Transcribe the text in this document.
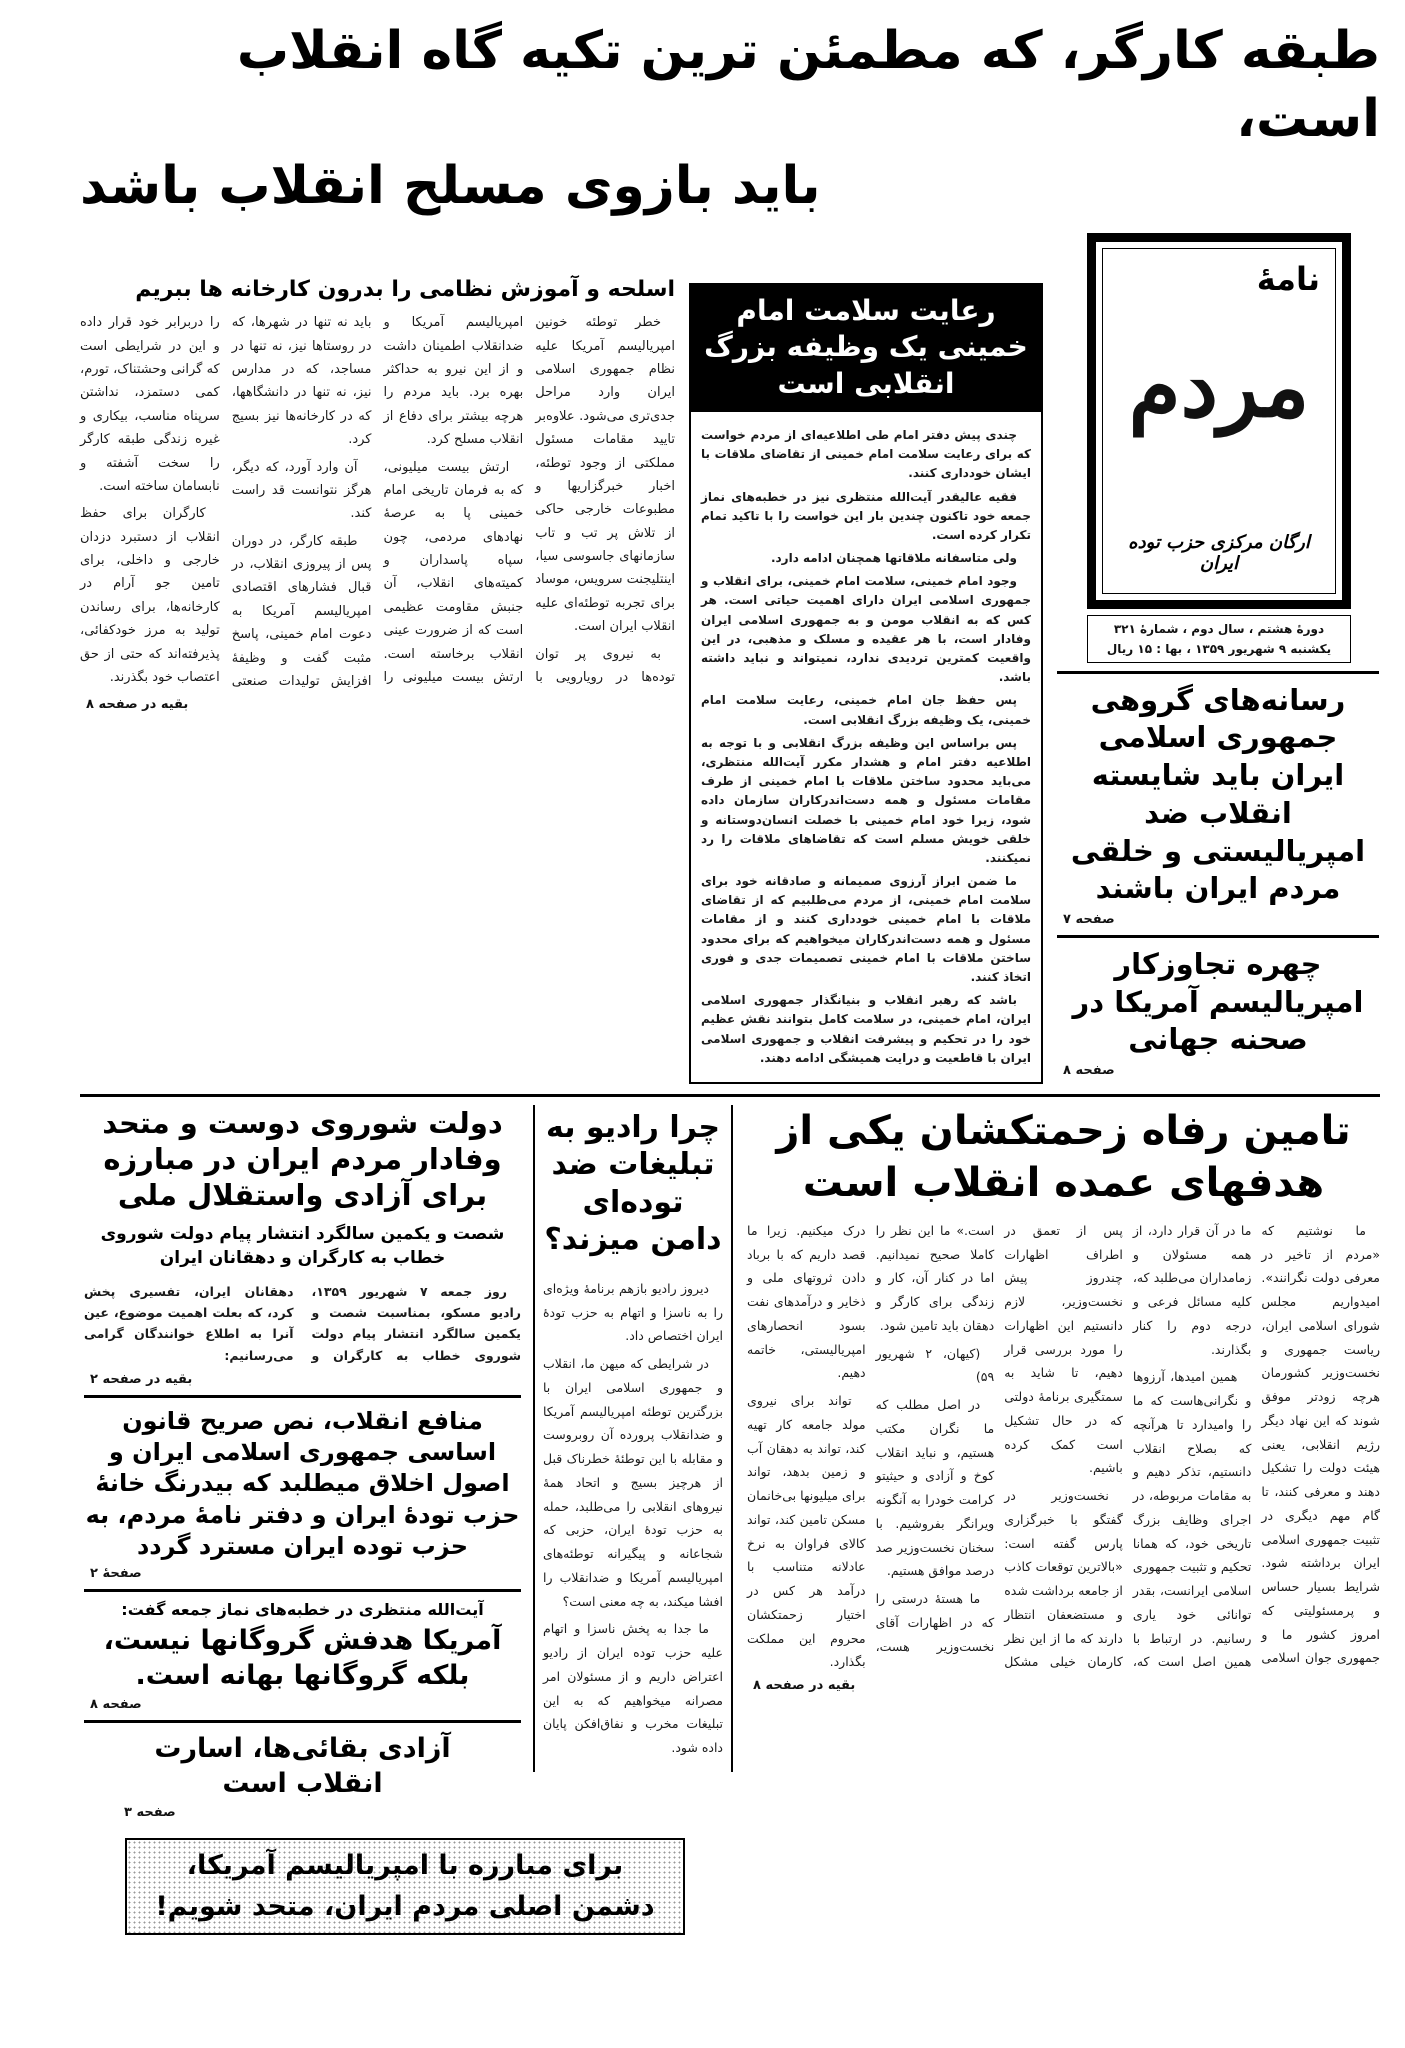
طبقه کارگر، که مطمئن ترین تکیه گاه انقلاب است،
باید بازوی مسلح انقلاب باشد
اسلحه و آموزش نظامی را بدرون کارخانه ها ببریم

خطر توطئه خونین امپریالیسم آمریکا علیه نظام جمهوری اسلامی ایران وارد مراحل جدی‌تری می‌شود. علاوه‌بر تایید مقامات مسئول مملکتی از وجود توطئه، اخبار خبرگزاریها و مطبوعات خارجی حاکی از تلاش پر تب و تاب سازمانهای جاسوسی سیا، اینتلیجنت سرویس، موساد برای تجربه توطئه‌ای علیه انقلاب ایران است.

به نیروی پر توان توده‌ها در رویارویی با امپریالیسم آمریکا و ضدانقلاب اطمینان داشت و از این نیرو به حداکثر بهره برد. باید مردم را هرچه بیشتر برای دفاع از انقلاب مسلح کرد.

ارتش بیست میلیونی، که به فرمان تاریخی امام خمینی پا به عرصهٔ نهادهای مردمی، چون سپاه پاسداران و کمیته‌های انقلاب، آن جنبش مقاومت عظیمی است که از ضرورت عینی انقلاب برخاسته است. ارتش بیست میلیونی را باید نه تنها در شهرها، که در روستاها نیز، نه تنها در مساجد، که در مدارس نیز، نه تنها در دانشگاهها، که در کارخانه‌ها نیز بسیج کرد.

آن وارد آورد، که دیگر، هرگز نتوانست قد راست کند.

طبقه کارگر، در دوران پس از پیروزی انقلاب، در قبال فشارهای اقتصادی امپریالیسم آمریکا به دعوت امام خمینی، پاسخ مثبت گفت و وظیفهٔ افزایش تولیدات صنعتی را دربرابر خود قرار داده و این در شرایطی است که گرانی وحشتناک، تورم، کمی دستمزد، نداشتن سرپناه مناسب، بیکاری و غیره زندگی طبقه کارگر را سخت آشفته و نابسامان ساخته است.

کارگران برای حفظ انقلاب از دستبرد دزدان خارجی و داخلی، برای تامین جو آرام در کارخانه‌ها، برای رساندن تولید به مرز خودکفائی، پذیرفته‌اند که حتی از حق اعتصاب خود بگذرند.

بقیه در صفحه ۸
رعایت سلامت امام خمینی یک وظیفه بزرگ انقلابی است

چندی پیش دفتر امام طی اطلاعیه‌ای از مردم خواست که برای رعایت سلامت امام خمینی از تقاضای ملاقات با ایشان خودداری کنند.

فقیه عالیقدر آیت‌الله منتظری نیز در خطبه‌های نماز جمعه خود تاکنون چندین بار این خواست را با تاکید تمام تکرار کرده است.

ولی متاسفانه ملاقاتها همچنان ادامه دارد.

وجود امام خمینی، سلامت امام خمینی، برای انقلاب و جمهوری اسلامی ایران دارای اهمیت حیاتی است. هر کس که به انقلاب مومن و به جمهوری اسلامی ایران وفادار است، با هر عقیده و مسلک و مذهبی، در این واقعیت کمترین تردیدی ندارد، نمیتواند و نباید داشته باشد.

پس حفظ جان امام خمینی، رعایت سلامت امام خمینی، یک وظیفه بزرگ انقلابی است.

پس براساس این وظیفه بزرگ انقلابی و با توجه به اطلاعیه دفتر امام و هشدار مکرر آیت‌الله منتظری، می‌باید محدود ساختن ملاقات با امام خمینی از طرف مقامات مسئول و همه دست‌اندرکاران سازمان داده شود، زیرا خود امام خمینی با خصلت انسان‌دوستانه و خلقی خویش مسلم است که تقاضاهای ملاقات را رد نمیکنند.

ما ضمن ابراز آرزوی صمیمانه و صادقانه خود برای سلامت امام خمینی، از مردم می‌طلبیم که از تقاضای ملاقات با امام خمینی خودداری کنند و از مقامات مسئول و همه دست‌اندرکاران میخواهیم که برای محدود ساختن ملاقات با امام خمینی تصمیمات جدی و فوری اتخاذ کنند.

باشد که رهبر انقلاب و بنیانگذار جمهوری اسلامی ایران، امام خمینی، در سلامت کامل بتوانند نقش عظیم خود را در تحکیم و پیشرفت انقلاب و جمهوری اسلامی ایران با قاطعیت و درایت همیشگی ادامه دهند.

نامهٔ
مردم
ارگان مرکزی حزب توده ایران
دورهٔ هشتم ، سال دوم ، شمارهٔ ۳۲۱
یکشنبه ۹ شهریور ۱۳۵۹ ، بها : ۱۵ ریال
رسانه‌های گروهی جمهوری اسلامی ایران باید شایسته انقلاب ضد امپریالیستی و خلقی مردم ایران باشند
صفحه ۷
چهره تجاوزکار امپریالیسم آمریکا در صحنه جهانی
صفحه ۸
دولت شوروی دوست و متحد وفادار مردم ایران در مبارزه برای آزادی واستقلال ملی
شصت و یکمین سالگرد انتشار پیام دولت شوروی خطاب به کارگران و دهقانان ایران

روز جمعه ۷ شهریور ۱۳۵۹، رادیو مسکو، بمناسبت شصت و یکمین سالگرد انتشار پیام دولت شوروی خطاب به کارگران و دهقانان ایران، تفسیری پخش کرد، که بعلت اهمیت موضوع، عین آنرا به اطلاع خوانندگان گرامی می‌رسانیم:

بقیه در صفحه ۲
منافع انقلاب، نص صریح قانون اساسی جمهوری اسلامی ایران و اصول اخلاق میطلبد که بیدرنگ خانهٔ حزب تودهٔ ایران و دفتر نامهٔ مردم، به حزب توده ایران مسترد گردد
صفحهٔ ۲
آیت‌الله منتظری در خطبه‌های نماز جمعه گفت:
آمریکا هدفش گروگانها نیست، بلکه گروگانها بهانه است.
صفحه ۸
آزادی بقائی‌ها، اسارت انقلاب است
صفحه ۳
چرا رادیو به تبلیغات ضد توده‌ای دامن میزند؟

دیروز رادیو بازهم برنامهٔ ویژه‌ای را به ناسزا و اتهام به حزب تودهٔ ایران اختصاص داد.

در شرایطی که میهن ما، انقلاب و جمهوری اسلامی ایران با بزرگترین توطئه امپریالیسم آمریکا و ضدانقلاب پرورده آن روبروست و مقابله با این توطئهٔ خطرناک قبل از هرچیز بسیج و اتحاد همهٔ نیروهای انقلابی را می‌طلبد، حمله به حزب تودهٔ ایران، حزبی که شجاعانه و پیگیرانه توطئه‌های امپریالیسم آمریکا و ضدانقلاب را افشا میکند، به چه معنی است؟

ما جدا به پخش ناسزا و اتهام علیه حزب توده ایران از رادیو اعتراض داریم و از مسئولان امر مصرانه میخواهیم که به این تبلیغات مخرب و نفاق‌افکن پایان داده شود.

تامین رفاه زحمتکشان یکی از هدفهای عمده انقلاب است

ما نوشتیم که «مردم از تاخیر در معرفی دولت نگرانند». امیدواریم مجلس شورای اسلامی ایران، ریاست جمهوری و نخست‌وزیر کشورمان هرچه زودتر موفق شوند که این نهاد دیگر رژیم انقلابی، یعنی هیئت دولت را تشکیل دهند و معرفی کنند، تا گام مهم دیگری در تثبیت جمهوری اسلامی ایران برداشته شود. شرایط بسیار حساس و پرمسئولیتی که امروز کشور ما و جمهوری جوان اسلامی ما در آن قرار دارد، از همه مسئولان و زمامداران می‌طلبد که، کلیه مسائل فرعی و درجه دوم را کنار بگذارند.

همین امیدها، آرزوها و نگرانی‌هاست که ما را وامیدارد تا هرآنچه که بصلاح انقلاب دانستیم، تذکر دهیم و به مقامات مربوطه، در اجرای وظایف بزرگ تاریخی خود، که همانا تحکیم و تثبیت جمهوری اسلامی ایرانست، بقدر توانائی خود یاری رسانیم. در ارتباط با همین اصل است که، پس از تعمق در اطراف اظهارات چندروز پیش نخست‌وزیر، لازم دانستیم این اظهارات را مورد بررسی قرار دهیم، تا شاید به سمتگیری برنامهٔ دولتی که در حال تشکیل است کمک کرده باشیم.

نخست‌وزیر در گفتگو با خبرگزاری پارس گفته است: «بالاترین توقعات کاذب از جامعه برداشت شده و مستضعفان انتظار دارند که ما از این نظر کارمان خیلی مشکل است.» ما این نظر را کاملا صحیح نمیدانیم. اما در کنار آن، کار و زندگی برای کارگر و دهقان باید تامین شود.

(کیهان، ۲ شهریور ۵۹)

در اصل مطلب که ما نگران مکتب هستیم، و نباید انقلاب کوخ و آزادی و حیثیتو کرامت خودرا به آنگونه ویرانگر بفروشیم. با سخنان نخست‌وزیر صد درصد موافق هستیم.

ما هستهٔ درستی را که در اظهارات آقای نخست‌وزیر هست، درک میکنیم. زیرا ما قصد داریم که با برباد دادن ثروتهای ملی و ذخایر و درآمدهای نفت بسود انحصارهای امپریالیستی، خاتمه دهیم.

تواند برای نیروی مولد جامعه کار تهیه کند، تواند به دهقان آب و زمین بدهد، تواند برای میلیونها بی‌خانمان مسکن تامین کند، تواند کالای فراوان به نرخ عادلانه متناسب با درآمد هر کس در اختیار زحمتکشان محروم این مملکت بگذارد.

بقیه در صفحه ۸
برای مبارزه با امپریالیسم آمریکا، دشمن اصلی مردم ایران، متحد شویم!
